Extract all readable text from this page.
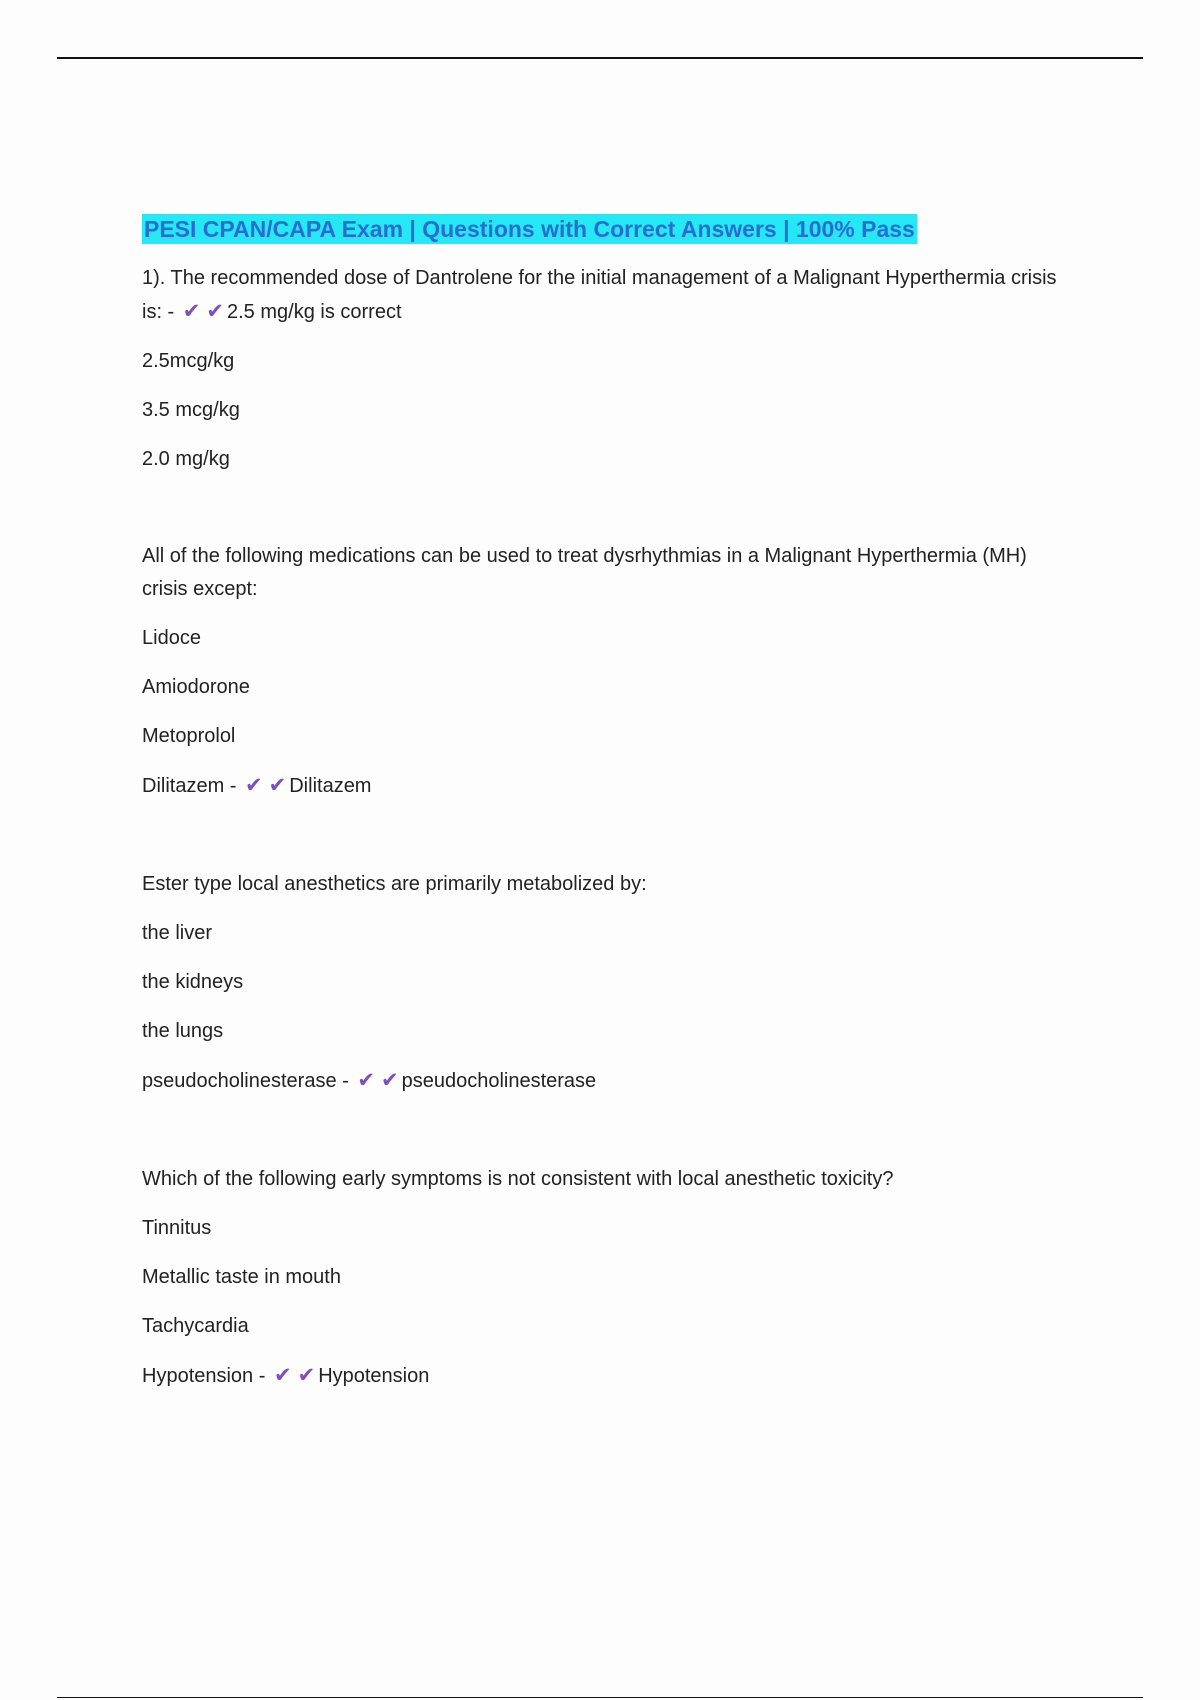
PESI CPAN/CAPA Exam | Questions with Correct Answers | 100% Pass

1). The recommended dose of Dantrolene for the initial management of a Malignant Hyperthermia crisis is: - ✔ ✔ 2.5 mg/kg is correct

2.5mcg/kg

3.5 mcg/kg

2.0 mg/kg

All of the following medications can be used to treat dysrhythmias in a Malignant Hyperthermia (MH) crisis except:

Lidoce

Amiodorone

Metoprolol

Dilitazem - ✔ ✔ Dilitazem

Ester type local anesthetics are primarily metabolized by:

the liver

the kidneys

the lungs

pseudocholinesterase - ✔ ✔ pseudocholinesterase

Which of the following early symptoms is not consistent with local anesthetic toxicity?

Tinnitus

Metallic taste in mouth

Tachycardia

Hypotension - ✔ ✔ Hypotension
